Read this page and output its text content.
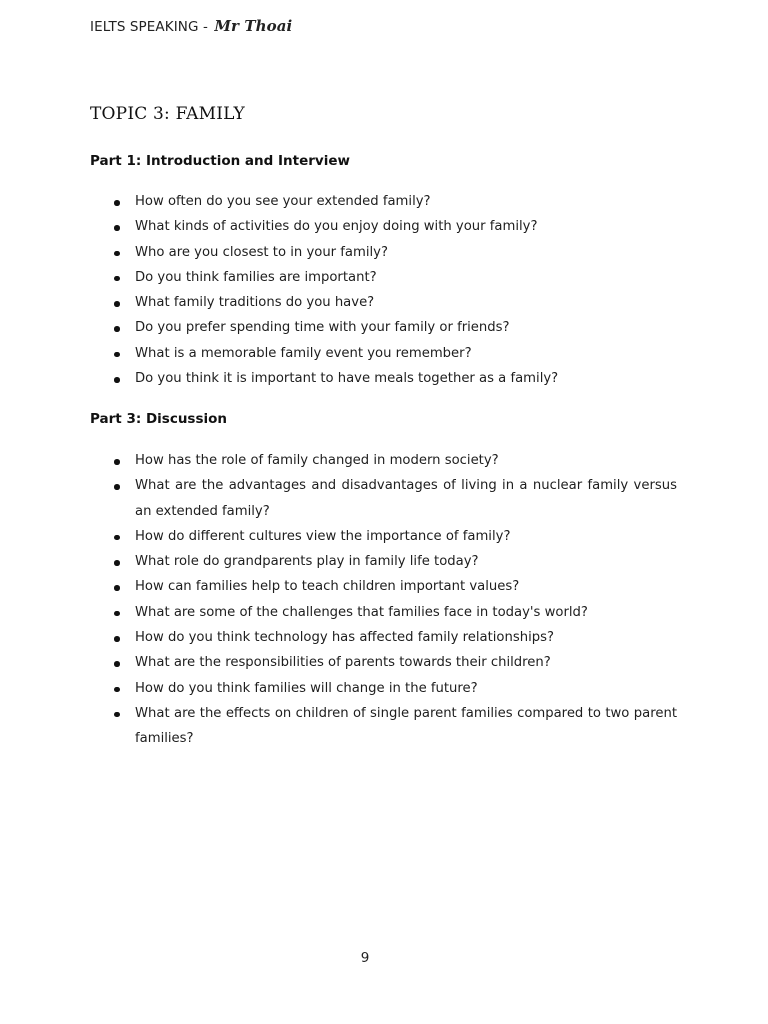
IELTS SPEAKING - Mr Thoai
TOPIC 3: FAMILY
Part 1: Introduction and Interview
How often do you see your extended family?
What kinds of activities do you enjoy doing with your family?
Who are you closest to in your family?
Do you think families are important?
What family traditions do you have?
Do you prefer spending time with your family or friends?
What is a memorable family event you remember?
Do you think it is important to have meals together as a family?
Part 3: Discussion
How has the role of family changed in modern society?
What are the advantages and disadvantages of living in a nuclear family versus an extended family?
How do different cultures view the importance of family?
What role do grandparents play in family life today?
How can families help to teach children important values?
What are some of the challenges that families face in today's world?
How do you think technology has affected family relationships?
What are the responsibilities of parents towards their children?
How do you think families will change in the future?
What are the effects on children of single parent families compared to two parent families?
9
